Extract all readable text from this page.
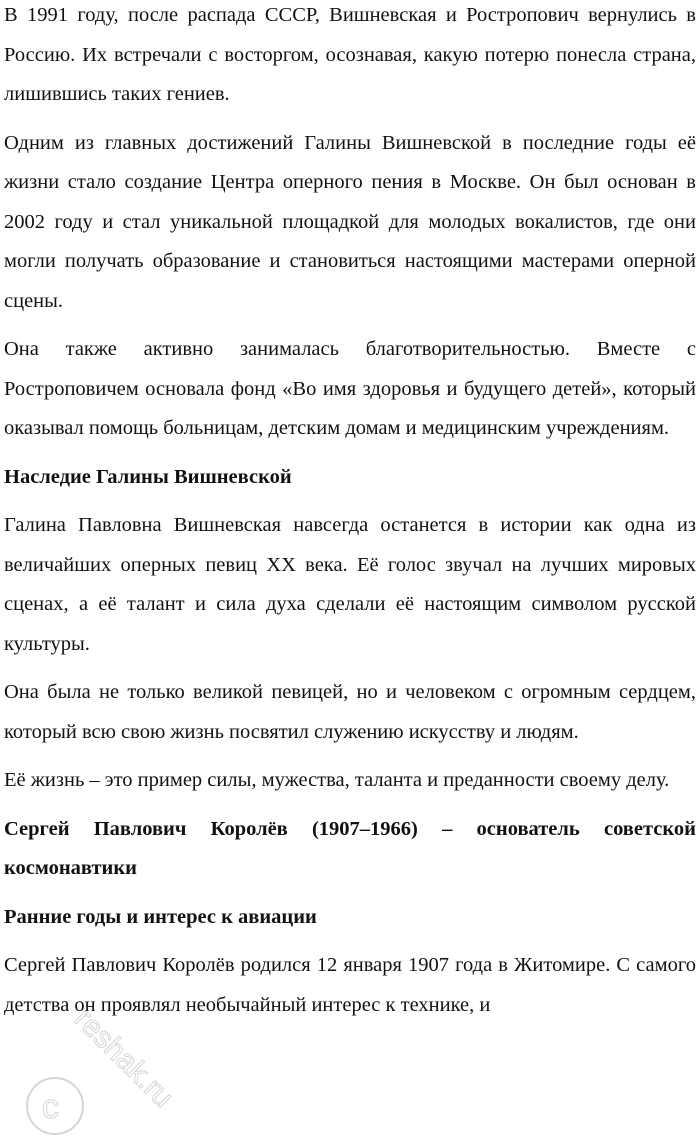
В 1991 году, после распада СССР, Вишневская и Ростропович вернулись в Россию. Их встречали с восторгом, осознавая, какую потерю понесла страна, лишившись таких гениев.

Одним из главных достижений Галины Вишневской в последние годы её жизни стало создание Центра оперного пения в Москве. Он был основан в 2002 году и стал уникальной площадкой для молодых вокалистов, где они могли получать образование и становиться настоящими мастерами оперной сцены.

Она также активно занималась благотворительностью. Вместе с Ростроповичем основала фонд «Во имя здоровья и будущего детей», который оказывал помощь больницам, детским домам и медицинским учреждениям.

Наследие Галины Вишневской

Галина Павловна Вишневская навсегда останется в истории как одна из величайших оперных певиц XX века. Её голос звучал на лучших мировых сценах, а её талант и сила духа сделали её настоящим символом русской культуры.

Она была не только великой певицей, но и человеком с огромным сердцем, который всю свою жизнь посвятил служению искусству и людям.

Её жизнь – это пример силы, мужества, таланта и преданности своему делу.

Сергей Павлович Королёв (1907–1966) – основатель советской космонавтики
Ранние годы и интерес к авиации

Сергей Павлович Королёв родился 12 января 1907 года в Житомире. С самого детства он проявлял необычайный интерес к технике, и

c reshak.ru
